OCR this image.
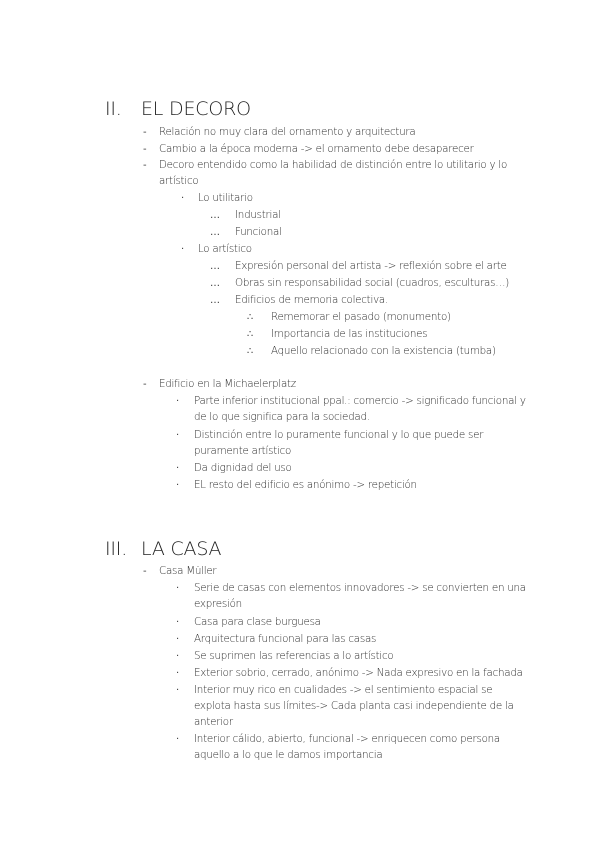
II. EL DECORO
- Relación no muy clara del ornamento y arquitectura
- Cambio a la época moderna -> el ornamento debe desaparecer
- Decoro entendido como la habilidad de distinción entre lo utilitario y lo
artístico
· Lo utilitario
… Industrial
… Funcional
· Lo artístico
… Expresión personal del artista -> reflexión sobre el arte
… Obras sin responsabilidad social (cuadros, esculturas…)
… Edificios de memoria colectiva.
∴ Rememorar el pasado (monumento)
∴ Importancia de las instituciones
∴ Aquello relacionado con la existencia (tumba)
- Edificio en la Michaelerplatz
· Parte inferior institucional ppal.: comercio -> significado funcional y
de lo que significa para la sociedad.
· Distinción entre lo puramente funcional y lo que puede ser
puramente artístico
· Da dignidad del uso
· EL resto del edificio es anónimo -> repetición
III. LA CASA
- Casa Müller
· Serie de casas con elementos innovadores -> se convierten en una
expresión
· Casa para clase burguesa
· Arquitectura funcional para las casas
· Se suprimen las referencias a lo artístico
· Exterior sobrio, cerrado, anónimo -> Nada expresivo en la fachada
· Interior muy rico en cualidades -> el sentimiento espacial se
explota hasta sus límites-> Cada planta casi independiente de la
anterior
· Interior cálido, abierto, funcional -> enriquecen como persona
aquello a lo que le damos importancia
